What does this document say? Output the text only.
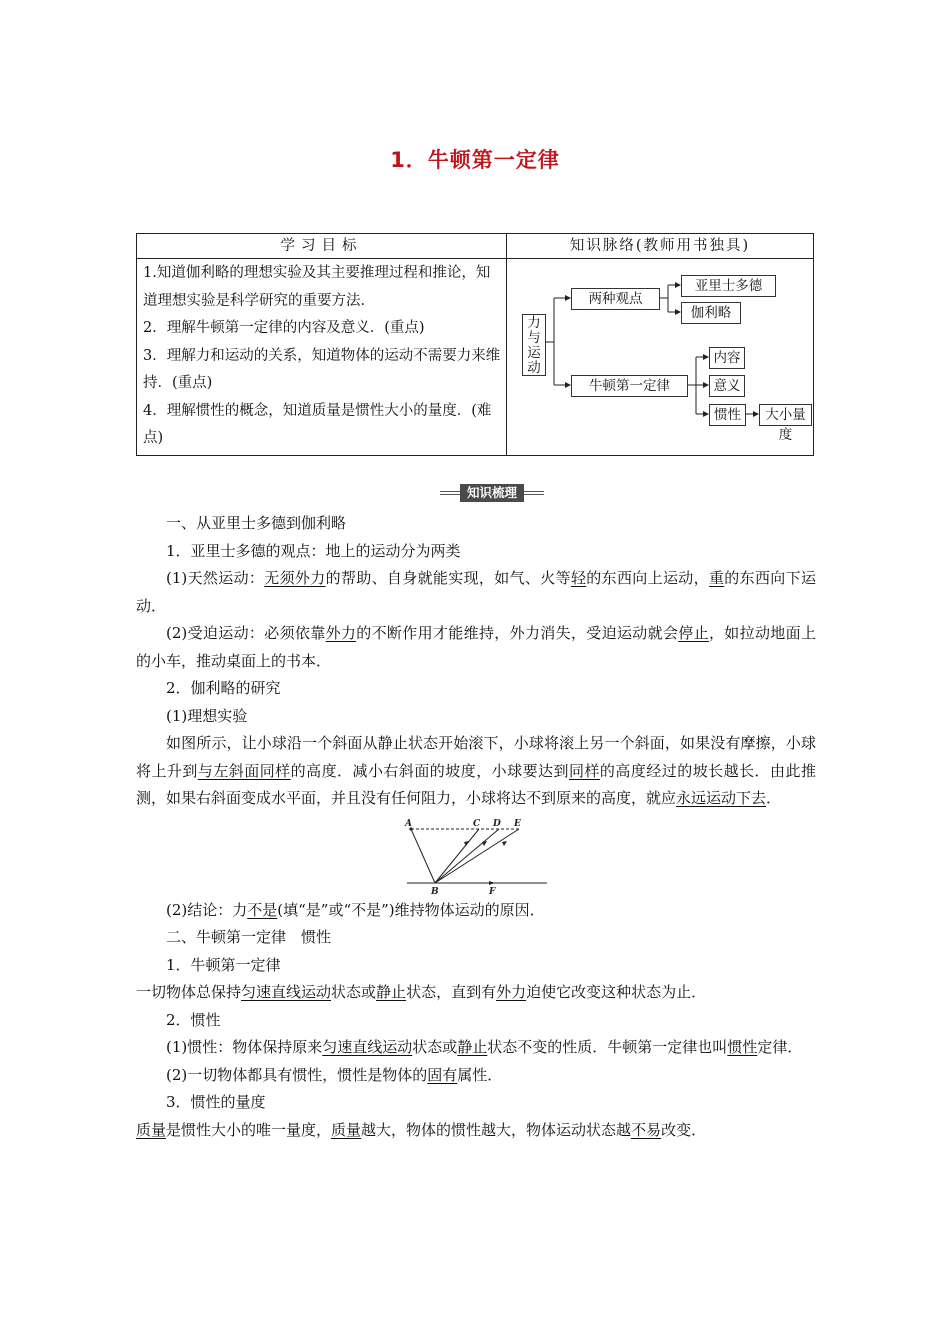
1．牛顿第一定律
学习目标	知识脉络(教师用书独具)

1.知道伽利略的理想实验及其主要推理过程和推论，知道理想实验是科学研究的重要方法．

2．理解牛顿第一定律的内容及意义．(重点)

3．理解力和运动的关系，知道物体的运动不需要力来维持．(重点)

4．理解惯性的概念，知道质量是惯性大小的量度．(难点)

力与运动
两种观点
亚里士多德
伽利略
牛顿第一定律
内容
意义
惯性	大小量度
知识梳理

一、从亚里士多德到伽利略

1．亚里士多德的观点：地上的运动分为两类

(1)天然运动：无须外力的帮助、自身就能实现，如气、火等轻的东西向上运动，重的东西向下运动．

(2)受迫运动：必须依靠外力的不断作用才能维持，外力消失，受迫运动就会停止，如拉动地面上的小车，推动桌面上的书本．

2．伽利略的研究

(1)理想实验

如图所示，让小球沿一个斜面从静止状态开始滚下，小球将滚上另一个斜面，如果没有摩擦，小球将上升到与左斜面同样的高度．减小右斜面的坡度，小球要达到同样的高度经过的坡长越长．由此推测，如果右斜面变成水平面，并且没有任何阻力，小球将达不到原来的高度，就应永远运动下去．

A	C D E
B	F

(2)结论：力不是(填“是”或“不是”)维持物体运动的原因．

二、牛顿第一定律　惯性

1．牛顿第一定律

一切物体总保持匀速直线运动状态或静止状态，直到有外力迫使它改变这种状态为止．

2．惯性

(1)惯性：物体保持原来匀速直线运动状态或静止状态不变的性质．牛顿第一定律也叫惯性定律．

(2)一切物体都具有惯性，惯性是物体的固有属性．

3．惯性的量度

质量是惯性大小的唯一量度，质量越大，物体的惯性越大，物体运动状态越不易改变．
